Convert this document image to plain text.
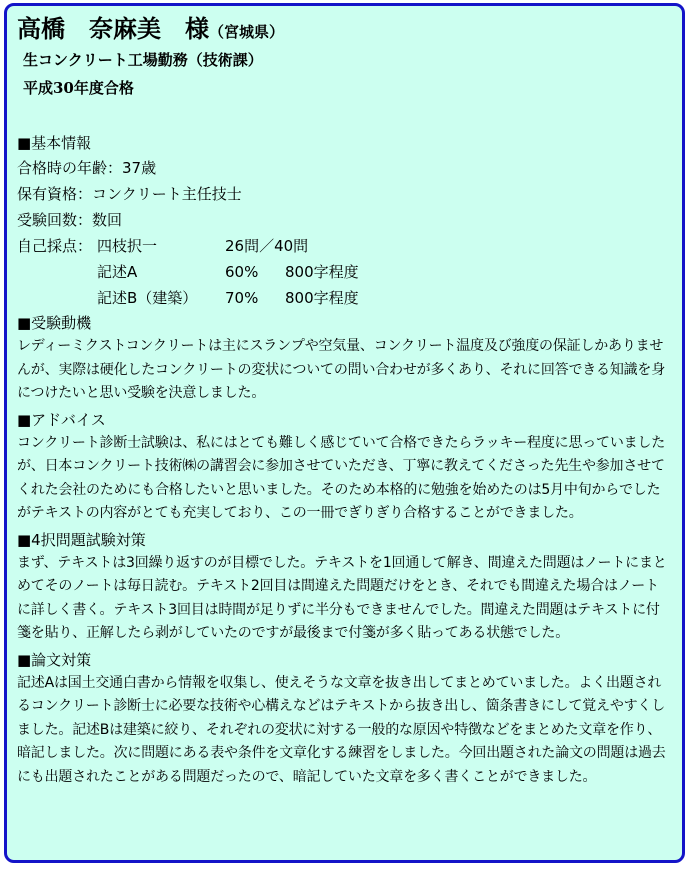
高橋　奈麻美　様（宮城県）
生コンクリート工場勤務（技術課）
平成30年度合格
■基本情報
合格時の年齢：37歳
保有資格：コンクリート主任技士
受験回数：数回
自己採点： 四枝択一	26問／40問
記述A	60%	800字程度
記述B（建築）	70%	800字程度
■受験動機
レディーミクストコンクリートは主にスランプや空気量、コンクリート温度及び強度の保証しかありませんが、実際は硬化したコンクリートの変状についての問い合わせが多くあり、それに回答できる知識を身につけたいと思い受験を決意しました。
■アドバイス
コンクリート診断士試験は、私にはとても難しく感じていて合格できたらラッキー程度に思っていましたが、日本コンクリート技術㈱の講習会に参加させていただき、丁寧に教えてくださった先生や参加させてくれた会社のためにも合格したいと思いました。そのため本格的に勉強を始めたのは5月中旬からでしたがテキストの内容がとても充実しており、この一冊でぎりぎり合格することができました。
■4択問題試験対策
まず、テキストは3回繰り返すのが目標でした。テキストを1回通して解き、間違えた問題はノートにまとめてそのノートは毎日読む。テキスト2回目は間違えた問題だけをとき、それでも間違えた場合はノートに詳しく書く。テキスト3回目は時間が足りずに半分もできませんでした。間違えた問題はテキストに付箋を貼り、正解したら剥がしていたのですが最後まで付箋が多く貼ってある状態でした。
■論文対策
記述Aは国土交通白書から情報を収集し、使えそうな文章を抜き出してまとめていました。よく出題されるコンクリート診断士に必要な技術や心構えなどはテキストから抜き出し、箇条書きにして覚えやすくしました。記述Bは建築に絞り、それぞれの変状に対する一般的な原因や特徴などをまとめた文章を作り、暗記しました。次に問題にある表や条件を文章化する練習をしました。今回出題された論文の問題は過去にも出題されたことがある問題だったので、暗記していた文章を多く書くことができました。
